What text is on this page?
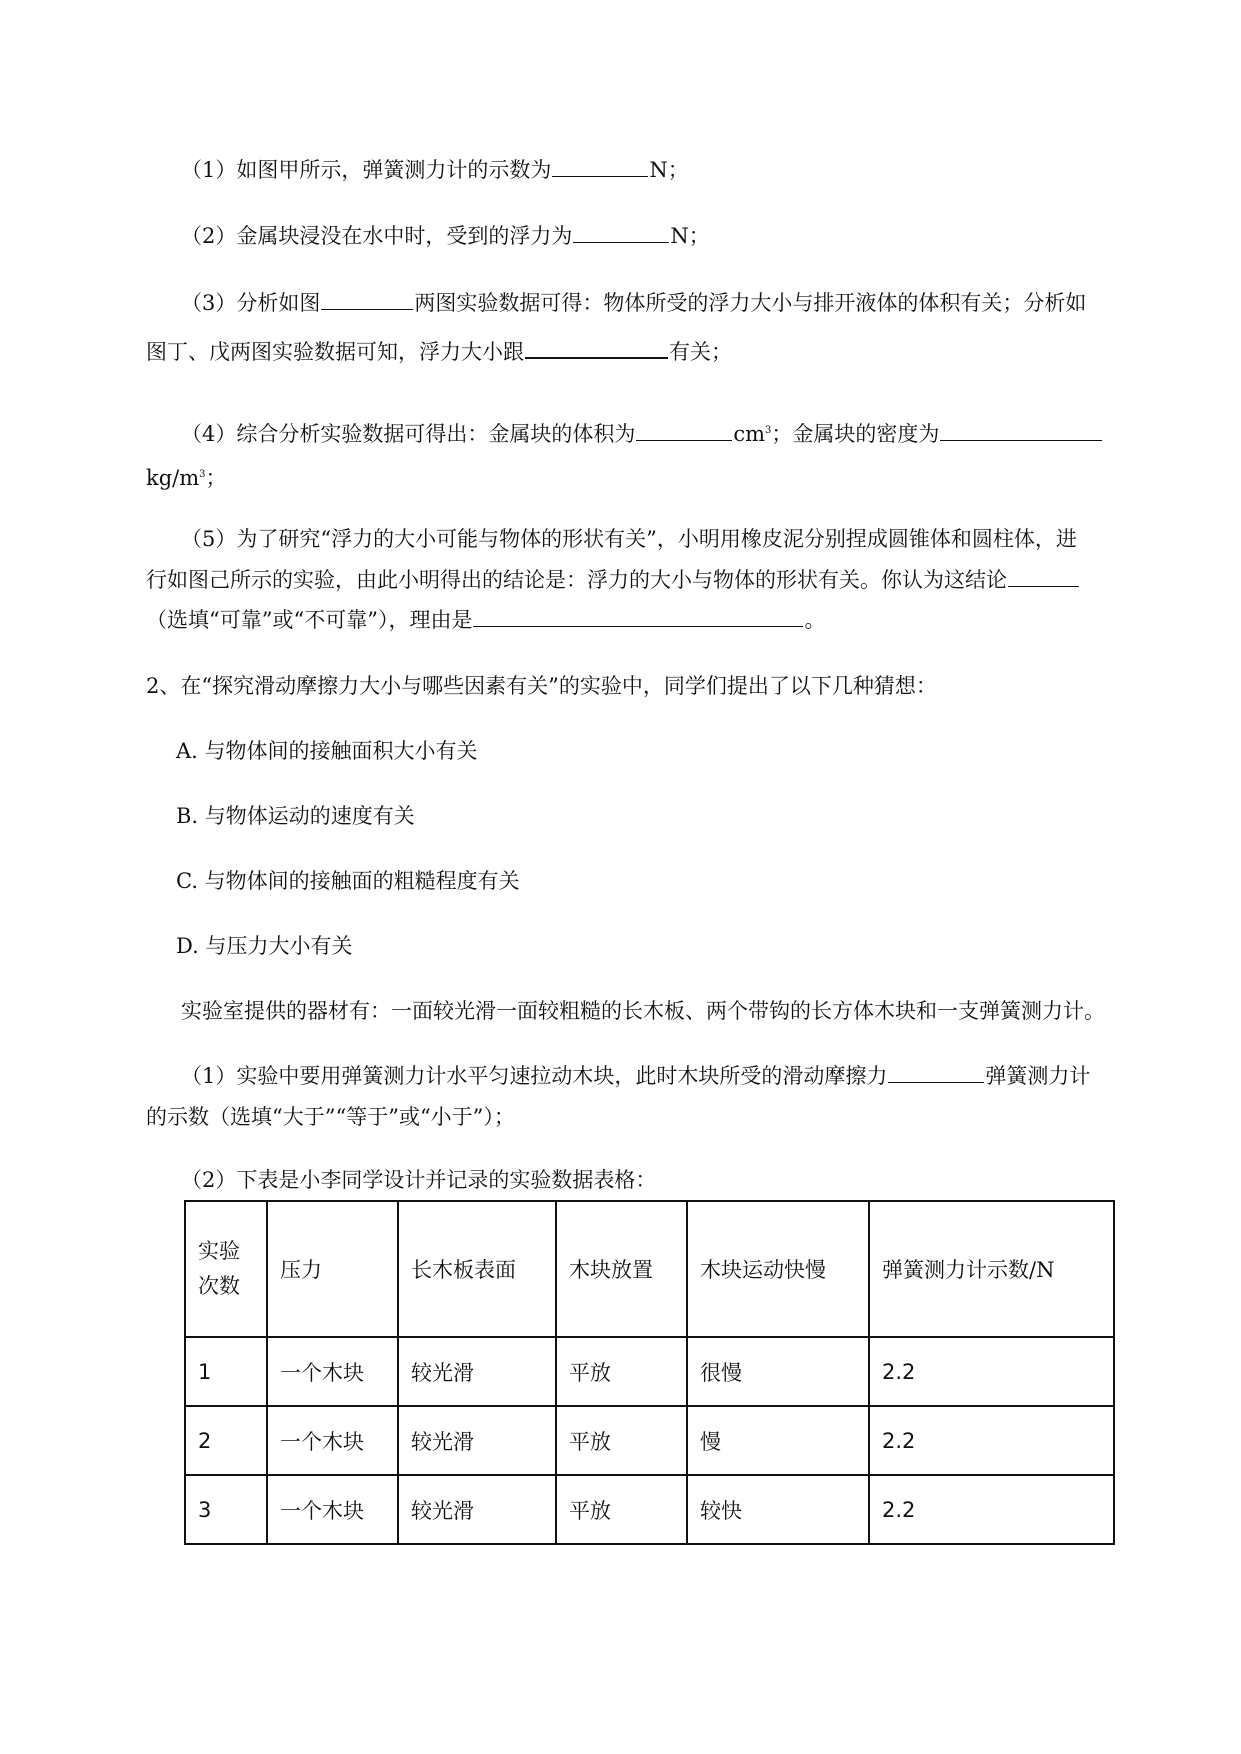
（1）如图甲所示，弹簧测力计的示数为	N；
（2）金属块浸没在水中时，受到的浮力为	N；
（3）分析如图	两图实验数据可得：物体所受的浮力大小与排开液体的体积有关；分析如
图丁、戊两图实验数据可知，浮力大小跟	有关；
（4）综合分析实验数据可得出：金属块的体积为	$cm^3$；金属块的密度为
$kg/m^3$；
（5）为了研究“浮力的大小可能与物体的形状有关”，小明用橡皮泥分别捏成圆锥体和圆柱体，进
行如图己所示的实验，由此小明得出的结论是：浮力的大小与物体的形状有关。你认为这结论
（选填“可靠”或“不可靠”），理由是	。
2、在“探究滑动摩擦力大小与哪些因素有关”的实验中，同学们提出了以下几种猜想：
A. 与物体间的接触面积大小有关
B. 与物体运动的速度有关
C. 与物体间的接触面的粗糙程度有关
D. 与压力大小有关
实验室提供的器材有：一面较光滑一面较粗糙的长木板、两个带钩的长方体木块和一支弹簧测力计。
（1）实验中要用弹簧测力计水平匀速拉动木块，此时木块所受的滑动摩擦力	弹簧测力计
的示数（选填“大于”“等于”或“小于”）；
（2）下表是小李同学设计并记录的实验数据表格：
实验
次数	压力	长木板表面	木块放置	木块运动快慢	弹簧测力计示数/N
1	一个木块	较光滑	平放	很慢	2.2
2	一个木块	较光滑	平放	慢	2.2
3	一个木块	较光滑	平放	较快	2.2
